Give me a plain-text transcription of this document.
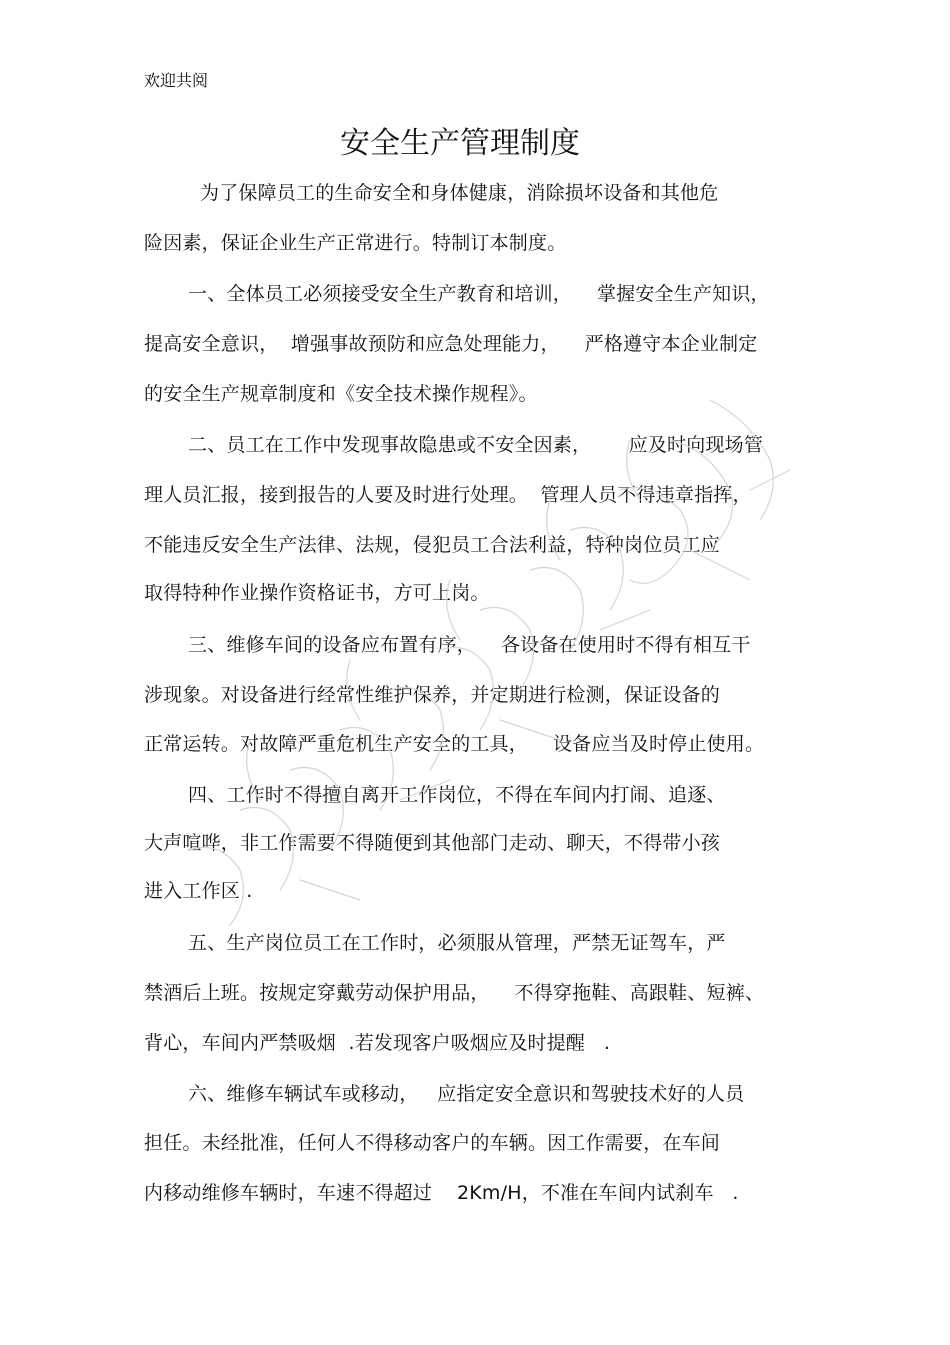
欢迎共阅
安全生产管理制度
为了保障员工的生命安全和身体健康，消除损坏设备和其他危
险因素，保证企业生产正常进行。特制订本制度。
一、全体员工必须接受安全生产教育和培训，    掌握安全生产知识，
提高安全意识，  增强事故预防和应急处理能力，    严格遵守本企业制定
的安全生产规章制度和《安全技术操作规程》。
二、员工在工作中发现事故隐患或不安全因素，      应及时向现场管
理人员汇报，接到报告的人要及时进行处理。  管理人员不得违章指挥，
不能违反安全生产法律、法规，侵犯员工合法利益，特种岗位员工应
取得特种作业操作资格证书，方可上岗。
三、维修车间的设备应布置有序，    各设备在使用时不得有相互干
涉现象。对设备进行经常性维护保养，并定期进行检测，保证设备的
正常运转。对故障严重危机生产安全的工具，    设备应当及时停止使用。
四、工作时不得擅自离开工作岗位，不得在车间内打闹、追逐、
大声喧哗，非工作需要不得随便到其他部门走动、聊天，不得带小孩
进入工作区 .
五、生产岗位员工在工作时，必须服从管理，严禁无证驾车，严
禁酒后上班。按规定穿戴劳动保护用品，    不得穿拖鞋、高跟鞋、短裤、
背心，车间内严禁吸烟  .若发现客户吸烟应及时提醒   .
六、维修车辆试车或移动，   应指定安全意识和驾驶技术好的人员
担任。未经批准，任何人不得移动客户的车辆。因工作需要，在车间
内移动维修车辆时，车速不得超过    2Km/H，不准在车间内试刹车   .
